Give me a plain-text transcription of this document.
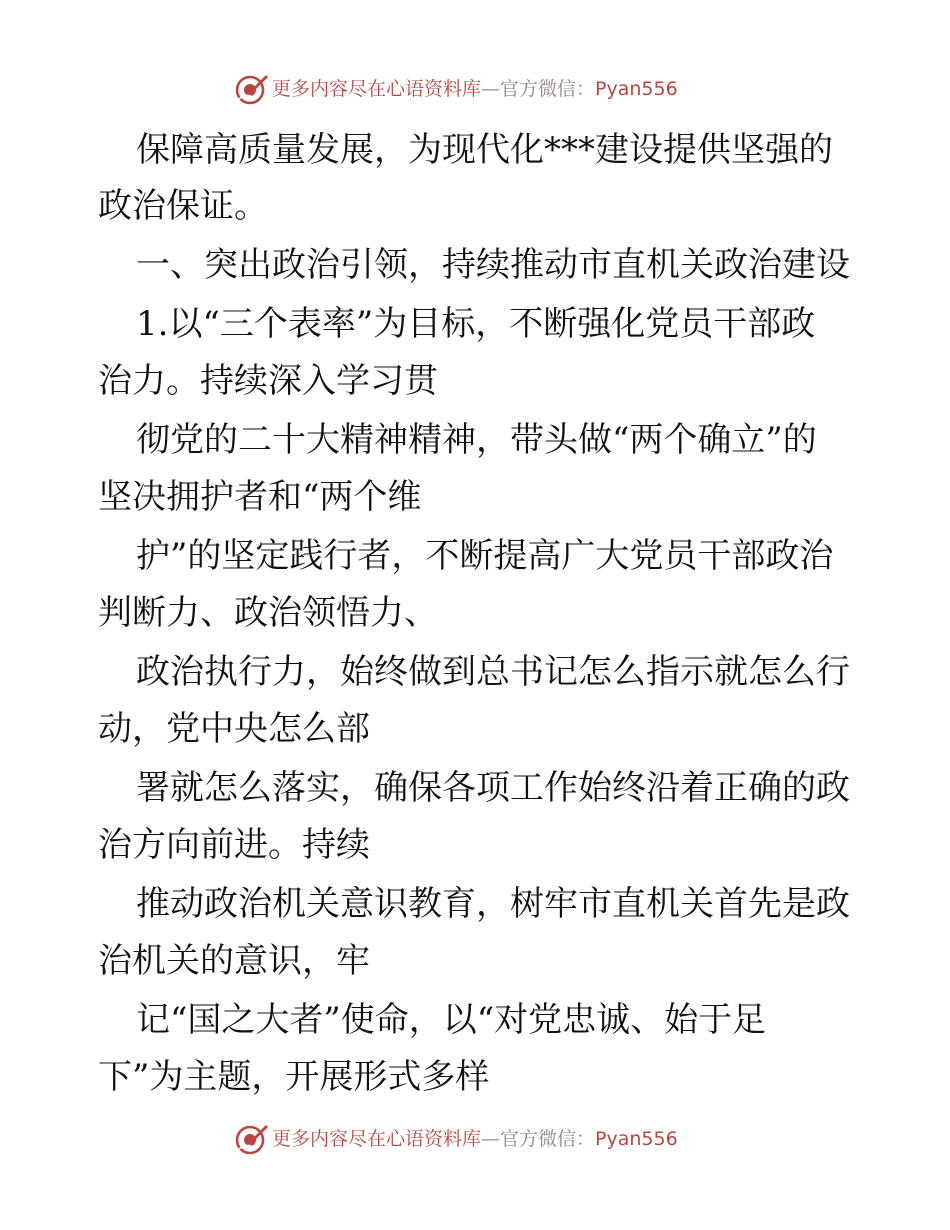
更多内容尽在心语资料库—官方微信：Pyan556
保障高质量发展，为现代化***建设提供坚强的
政治保证。
一、突出政治引领，持续推动市直机关政治建设
1.以“三个表率”为目标，不断强化党员干部政
治力。持续深入学习贯
彻党的二十大精神精神，带头做“两个确立”的
坚决拥护者和“两个维
护”的坚定践行者，不断提高广大党员干部政治
判断力、政治领悟力、
政治执行力，始终做到总书记怎么指示就怎么行
动，党中央怎么部
署就怎么落实，确保各项工作始终沿着正确的政
治方向前进。持续
推动政治机关意识教育，树牢市直机关首先是政
治机关的意识，牢
记“国之大者”使命，以“对党忠诚、始于足
下”为主题，开展形式多样
更多内容尽在心语资料库—官方微信：Pyan556
